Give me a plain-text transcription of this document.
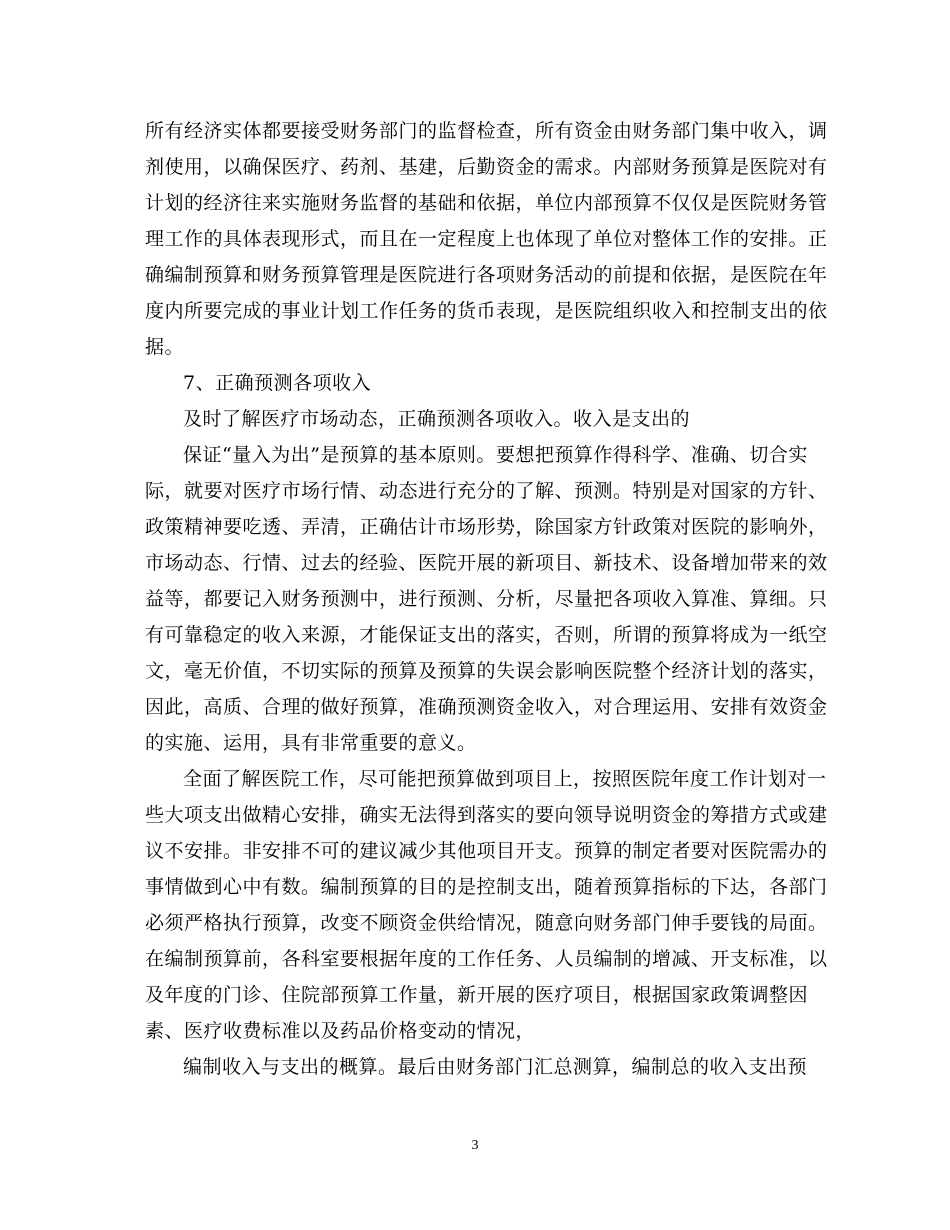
所有经济实体都要接受财务部门的监督检查，所有资金由财务部门集中收入，调
剂使用，以确保医疗、药剂、基建，后勤资金的需求。内部财务预算是医院对有
计划的经济往来实施财务监督的基础和依据，单位内部预算不仅仅是医院财务管
理工作的具体表现形式，而且在一定程度上也体现了单位对整体工作的安排。正
确编制预算和财务预算管理是医院进行各项财务活动的前提和依据，是医院在年
度内所要完成的事业计划工作任务的货币表现，是医院组织收入和控制支出的依
据。
7、正确预测各项收入
及时了解医疗市场动态，正确预测各项收入。收入是支出的
保证“量入为出”是预算的基本原则。要想把预算作得科学、准确、切合实
际，就要对医疗市场行情、动态进行充分的了解、预测。特别是对国家的方针、
政策精神要吃透、弄清，正确估计市场形势，除国家方针政策对医院的影响外，
市场动态、行情、过去的经验、医院开展的新项目、新技术、设备增加带来的效
益等，都要记入财务预测中，进行预测、分析，尽量把各项收入算准、算细。只
有可靠稳定的收入来源，才能保证支出的落实，否则，所谓的预算将成为一纸空
文，毫无价值，不切实际的预算及预算的失误会影响医院整个经济计划的落实，
因此，高质、合理的做好预算，准确预测资金收入，对合理运用、安排有效资金
的实施、运用，具有非常重要的意义。
全面了解医院工作，尽可能把预算做到项目上，按照医院年度工作计划对一
些大项支出做精心安排，确实无法得到落实的要向领导说明资金的筹措方式或建
议不安排。非安排不可的建议减少其他项目开支。预算的制定者要对医院需办的
事情做到心中有数。编制预算的目的是控制支出，随着预算指标的下达，各部门
必须严格执行预算，改变不顾资金供给情况，随意向财务部门伸手要钱的局面。
在编制预算前，各科室要根据年度的工作任务、人员编制的增减、开支标准，以
及年度的门诊、住院部预算工作量，新开展的医疗项目，根据国家政策调整因
素、医疗收费标准以及药品价格变动的情况，
编制收入与支出的概算。最后由财务部门汇总测算，编制总的收入支出预
3
